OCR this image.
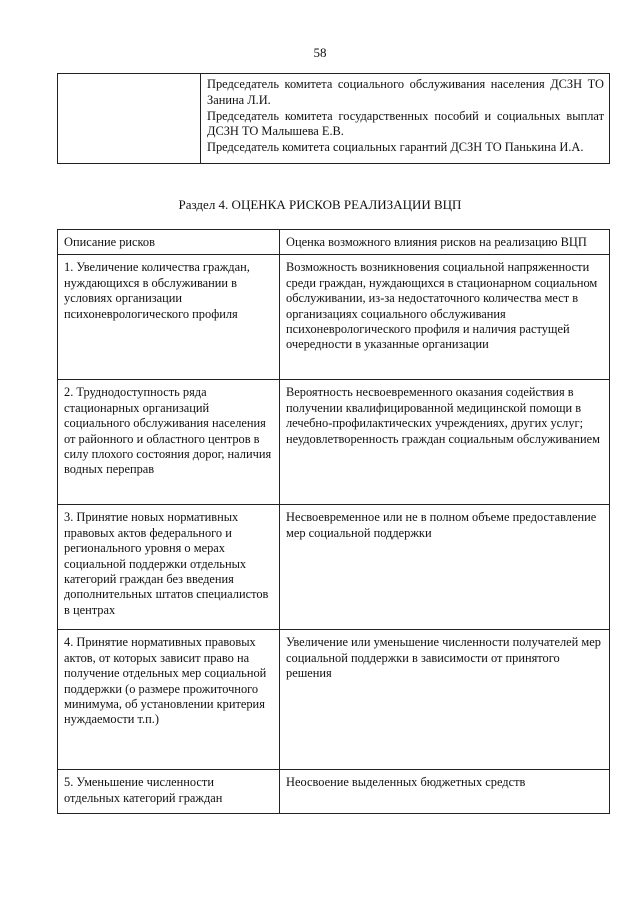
58

Председатель комитета социального обслуживания населения ДСЗН ТО Занина Л.И.

Председатель комитета государственных пособий и социальных выплат ДСЗН ТО Малышева Е.В.

Председатель комитета социальных гарантий ДСЗН ТО Панькина И.А.

Раздел 4. ОЦЕНКА РИСКОВ РЕАЛИЗАЦИИ ВЦП
Описание рисков	Оценка возможного влияния рисков на реализацию ВЦП
1. Увеличение количества граждан, нуждающихся в обслуживании в условиях организации психоневрологического профиля	Возможность возникновения социальной напряженности среди граждан, нуждающихся в стационарном социальном обслуживании, из-за недостаточного количества мест в организациях социального обслуживания психоневрологического профиля и наличия растущей очередности в указанные организации
2. Труднодоступность ряда стационарных организаций социального обслуживания населения от районного и областного центров в силу плохого состояния дорог, наличия водных переправ	Вероятность несвоевременного оказания содействия в получении квалифицированной медицинской помощи в лечебно-профилактических учреждениях, других услуг; неудовлетворенность граждан социальным обслуживанием
3. Принятие новых нормативных правовых актов федерального и регионального уровня о мерах социальной поддержки отдельных категорий граждан без введения дополнительных штатов специалистов в центрах	Несвоевременное или не в полном объеме предоставление мер социальной поддержки
4. Принятие нормативных правовых актов, от которых зависит право на получение отдельных мер социальной поддержки (о размере прожиточного минимума, об установлении критерия нуждаемости т.п.)	Увеличение или уменьшение численности получателей мер социальной поддержки в зависимости от принятого решения
5. Уменьшение численности отдельных категорий граждан	Неосвоение выделенных бюджетных средств
